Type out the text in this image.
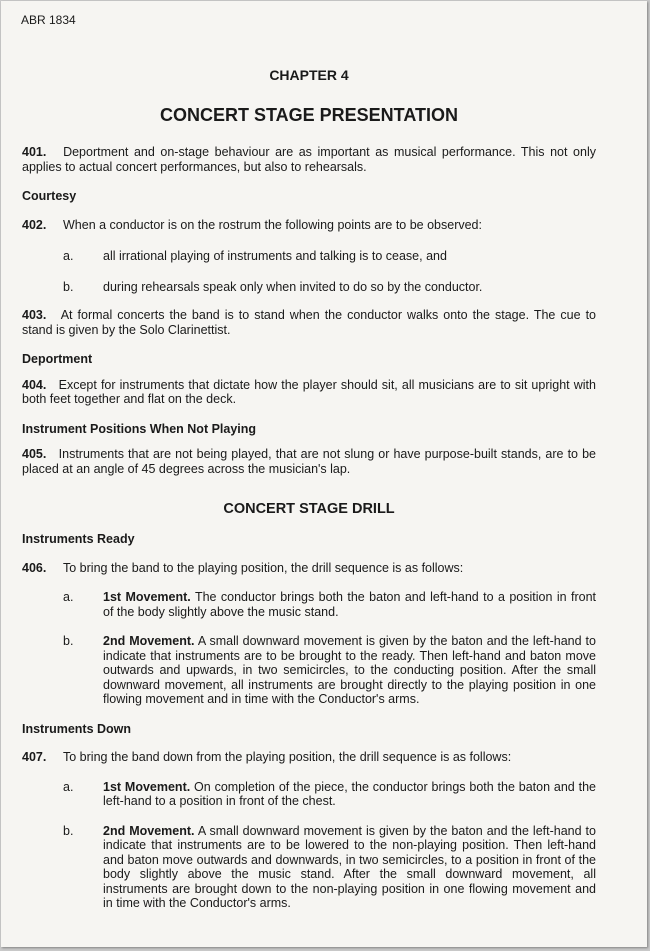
ABR 1834
CHAPTER 4
CONCERT STAGE PRESENTATION

401. Deportment and on-stage behaviour are as important as musical performance. This not only applies to actual concert performances, but also to rehearsals.

Courtesy
402. When a conductor is on the rostrum the following points are to be observed:
a. all irrational playing of instruments and talking is to cease, and
b. during rehearsals speak only when invited to do so by the conductor.

403. At formal concerts the band is to stand when the conductor walks onto the stage. The cue to stand is given by the Solo Clarinettist.

Deportment

404. Except for instruments that dictate how the player should sit, all musicians are to sit upright with both feet together and flat on the deck.

Instrument Positions When Not Playing

405. Instruments that are not being played, that are not slung or have purpose-built stands, are to be placed at an angle of 45 degrees across the musician's lap.

CONCERT STAGE DRILL
Instruments Ready
406. To bring the band to the playing position, the drill sequence is as follows:
a. 1st Movement. The conductor brings both the baton and left-hand to a position in front of the body slightly above the music stand.
b. 2nd Movement. A small downward movement is given by the baton and the left-hand to indicate that instruments are to be brought to the ready. Then left-hand and baton move outwards and upwards, in two semicircles, to the conducting position. After the small downward movement, all instruments are brought directly to the playing position in one flowing movement and in time with the Conductor's arms.
Instruments Down
407. To bring the band down from the playing position, the drill sequence is as follows:
a. 1st Movement. On completion of the piece, the conductor brings both the baton and the left-hand to a position in front of the chest.
b. 2nd Movement. A small downward movement is given by the baton and the left-hand to indicate that instruments are to be lowered to the non-playing position. Then left-hand and baton move outwards and downwards, in two semicircles, to a position in front of the body slightly above the music stand. After the small downward movement, all instruments are brought down to the non-playing position in one flowing movement and in time with the Conductor's arms.
